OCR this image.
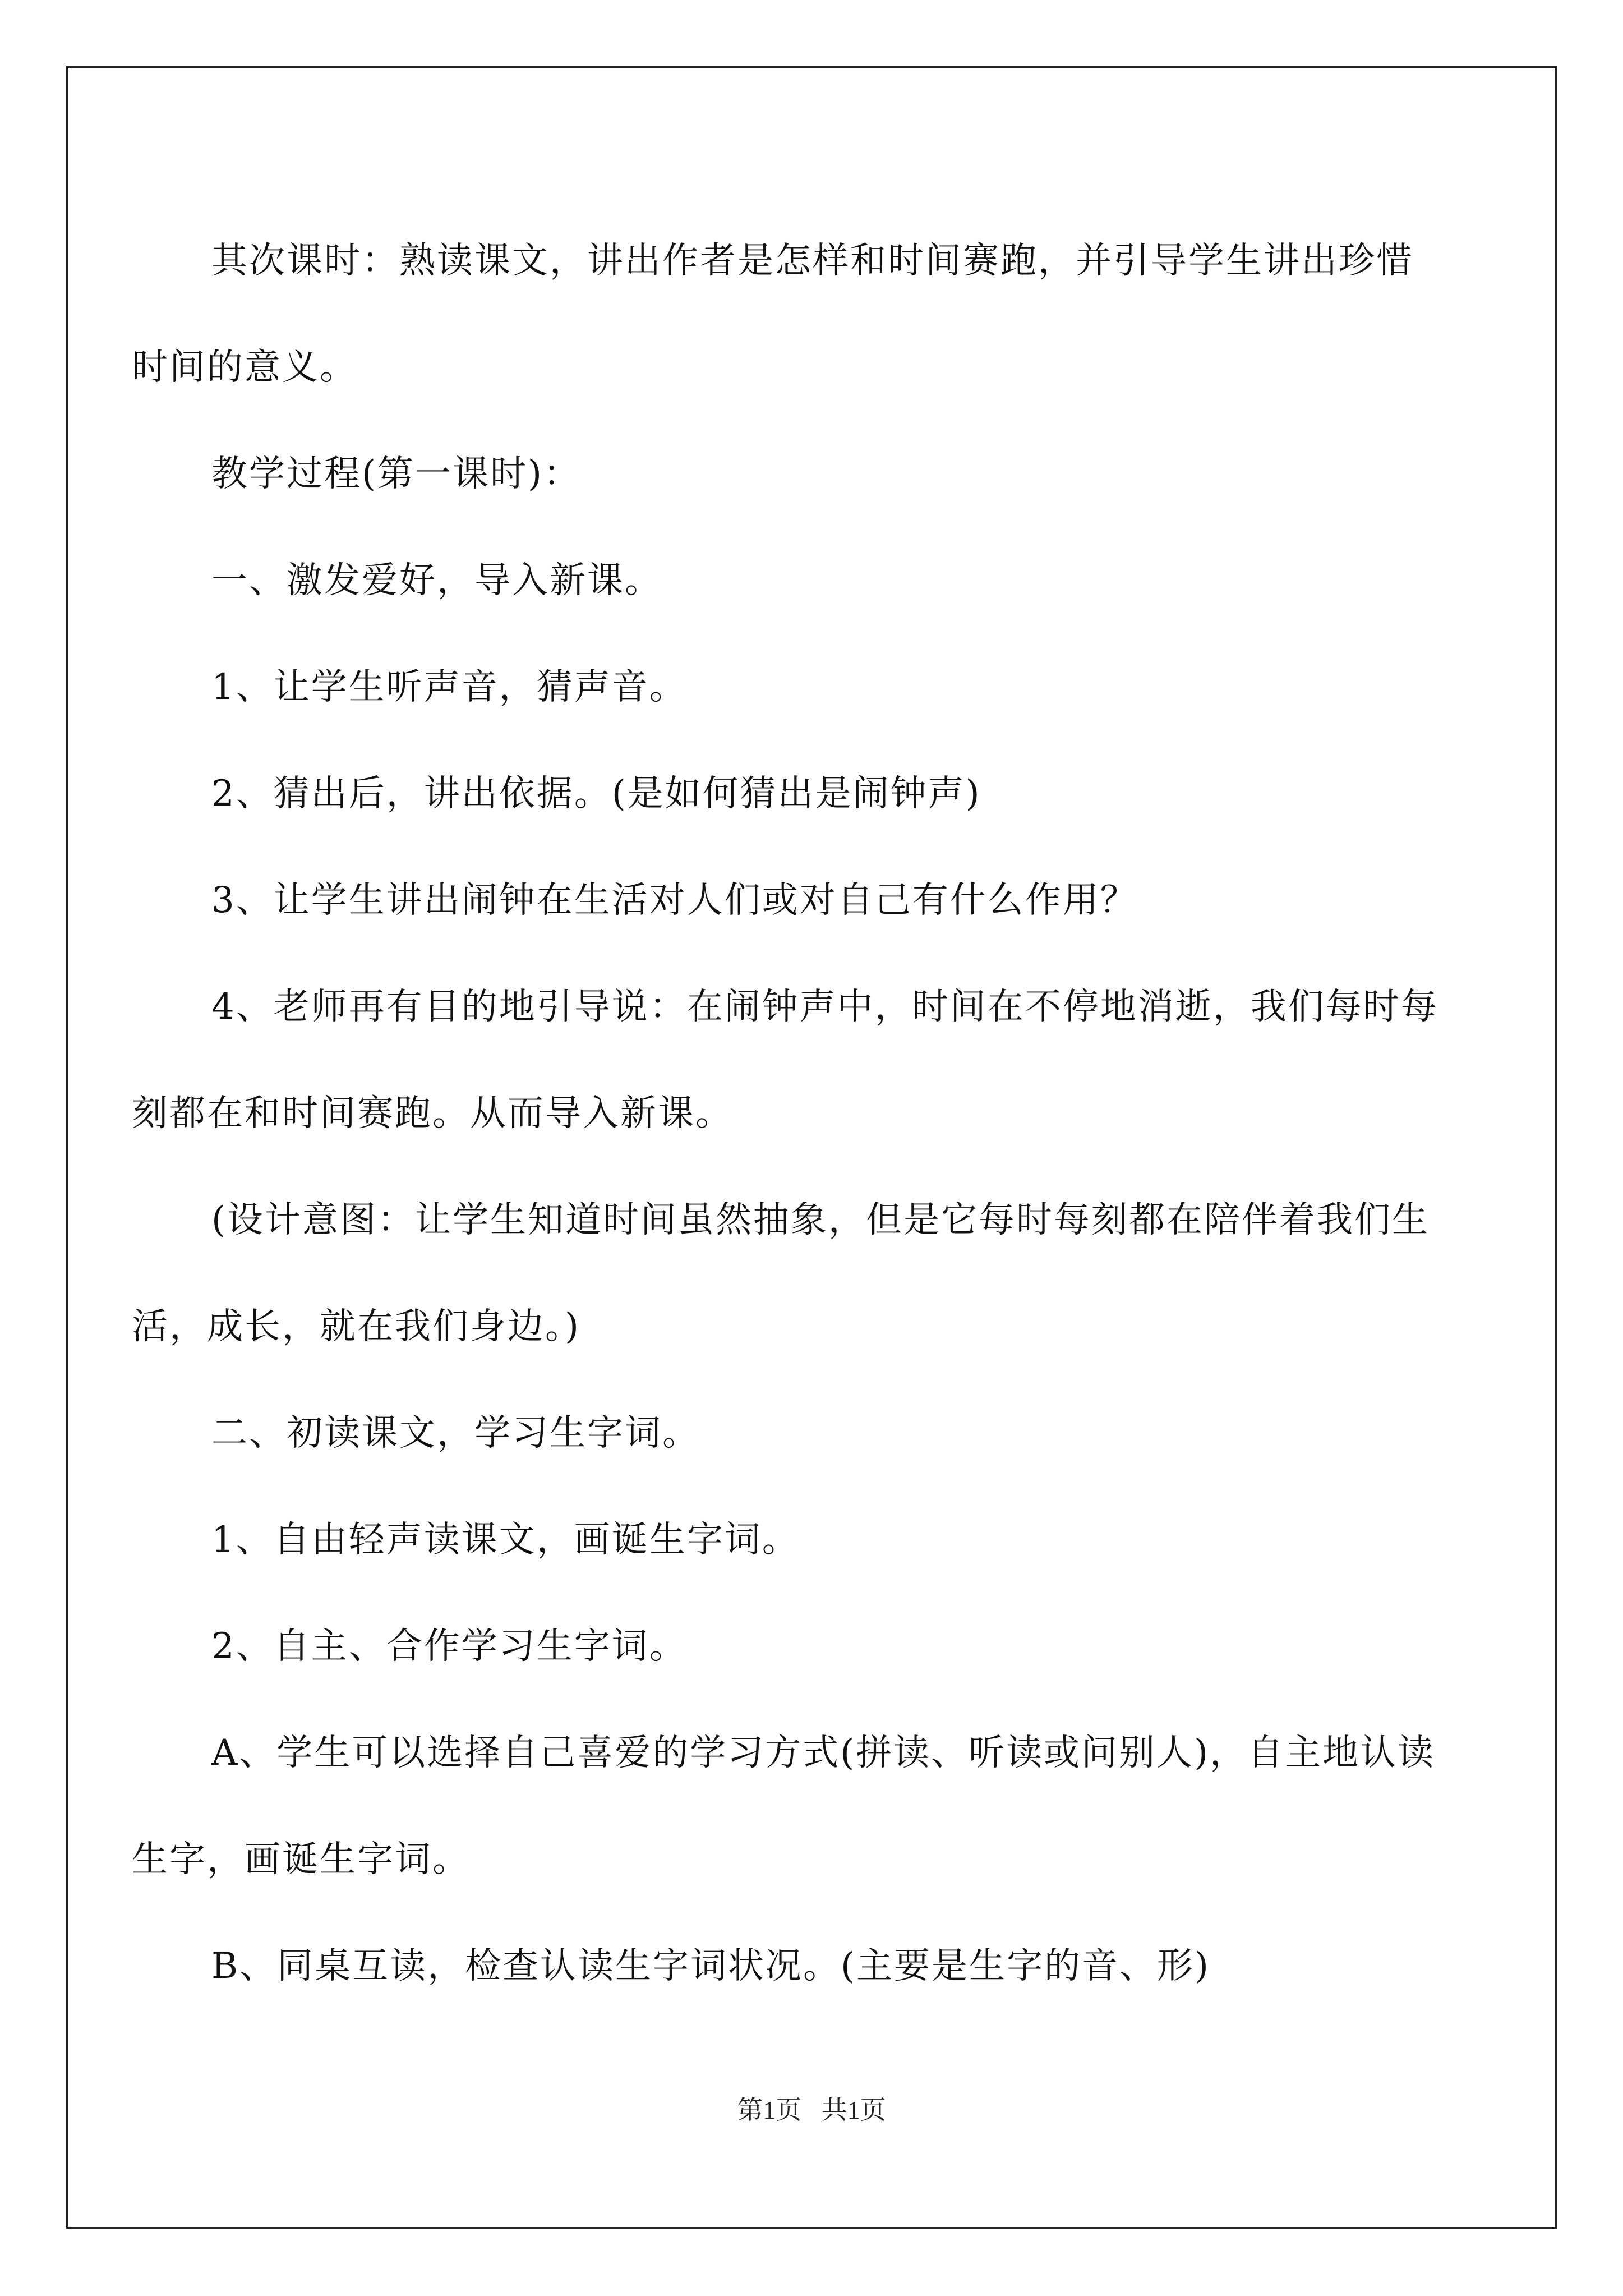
其次课时：熟读课文，讲出作者是怎样和时间赛跑，并引导学生讲出珍惜时间的意义。

教学过程(第一课时)：

一、激发爱好，导入新课。

1、让学生听声音，猜声音。

2、猜出后，讲出依据。(是如何猜出是闹钟声)

3、让学生讲出闹钟在生活对人们或对自己有什么作用？

4、老师再有目的地引导说：在闹钟声中，时间在不停地消逝，我们每时每刻都在和时间赛跑。从而导入新课。

(设计意图：让学生知道时间虽然抽象，但是它每时每刻都在陪伴着我们生活，成长，就在我们身边。)

二、初读课文，学习生字词。

1、自由轻声读课文，画诞生字词。

2、自主、合作学习生字词。

A、学生可以选择自己喜爱的学习方式(拼读、听读或问别人)，自主地认读生字，画诞生字词。

B、同桌互读，检查认读生字词状况。(主要是生字的音、形)

第1页 共1页
